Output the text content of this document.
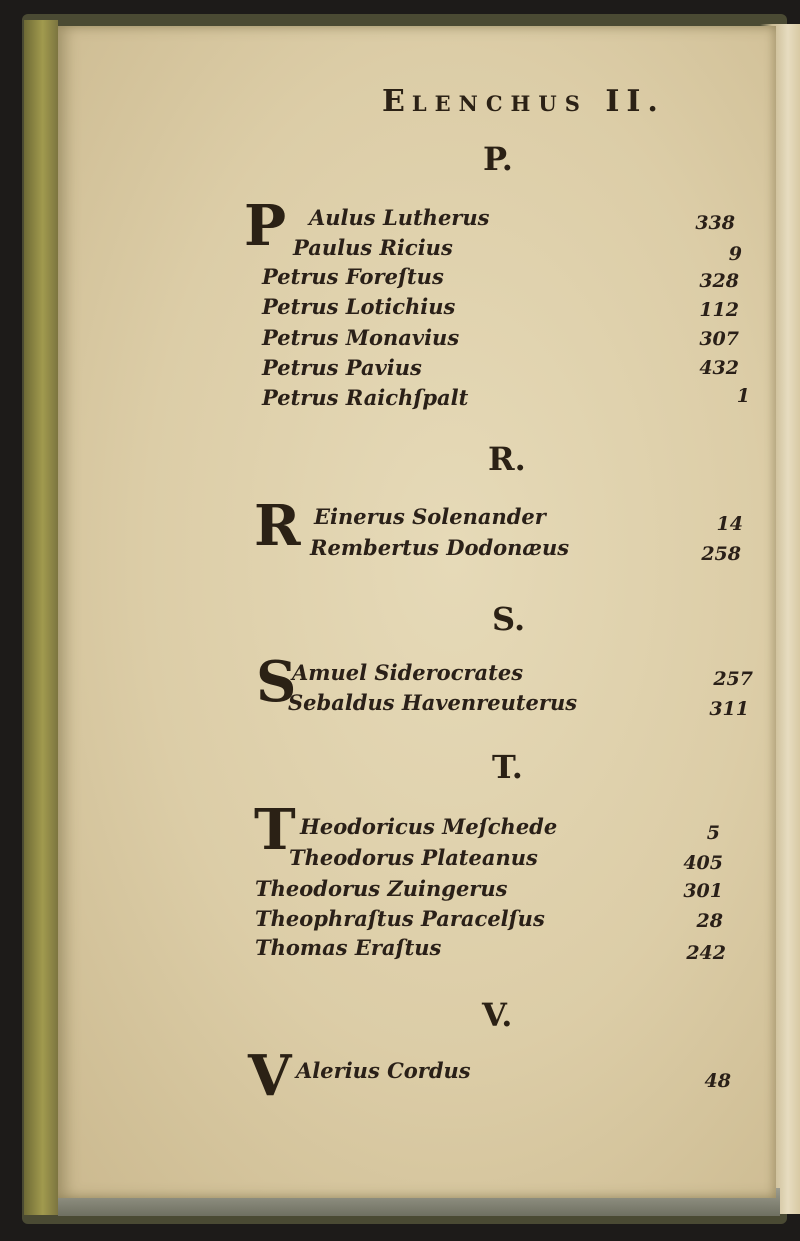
ELENCHUS II.
P.
P Aulus Lutherus	338
Paulus Ricius	9
Petrus Foreſtus	328
Petrus Lotichius	112
Petrus Monavius	307
Petrus Pavius	432
Petrus Raichſpalt	1
R.
R Einerus Solenander	14
Rembertus Dodonæus	258
S.
S
Amuel Siderocrates	257
Sebaldus Havenreuterus	311
T.
T Heodoricus Meſchede	5
Theodorus Plateanus	405
Theodorus Zuingerus	301
Theophraſtus Paracelſus	28
Thomas Eraſtus	242
V.
V Alerius Cordus	48
